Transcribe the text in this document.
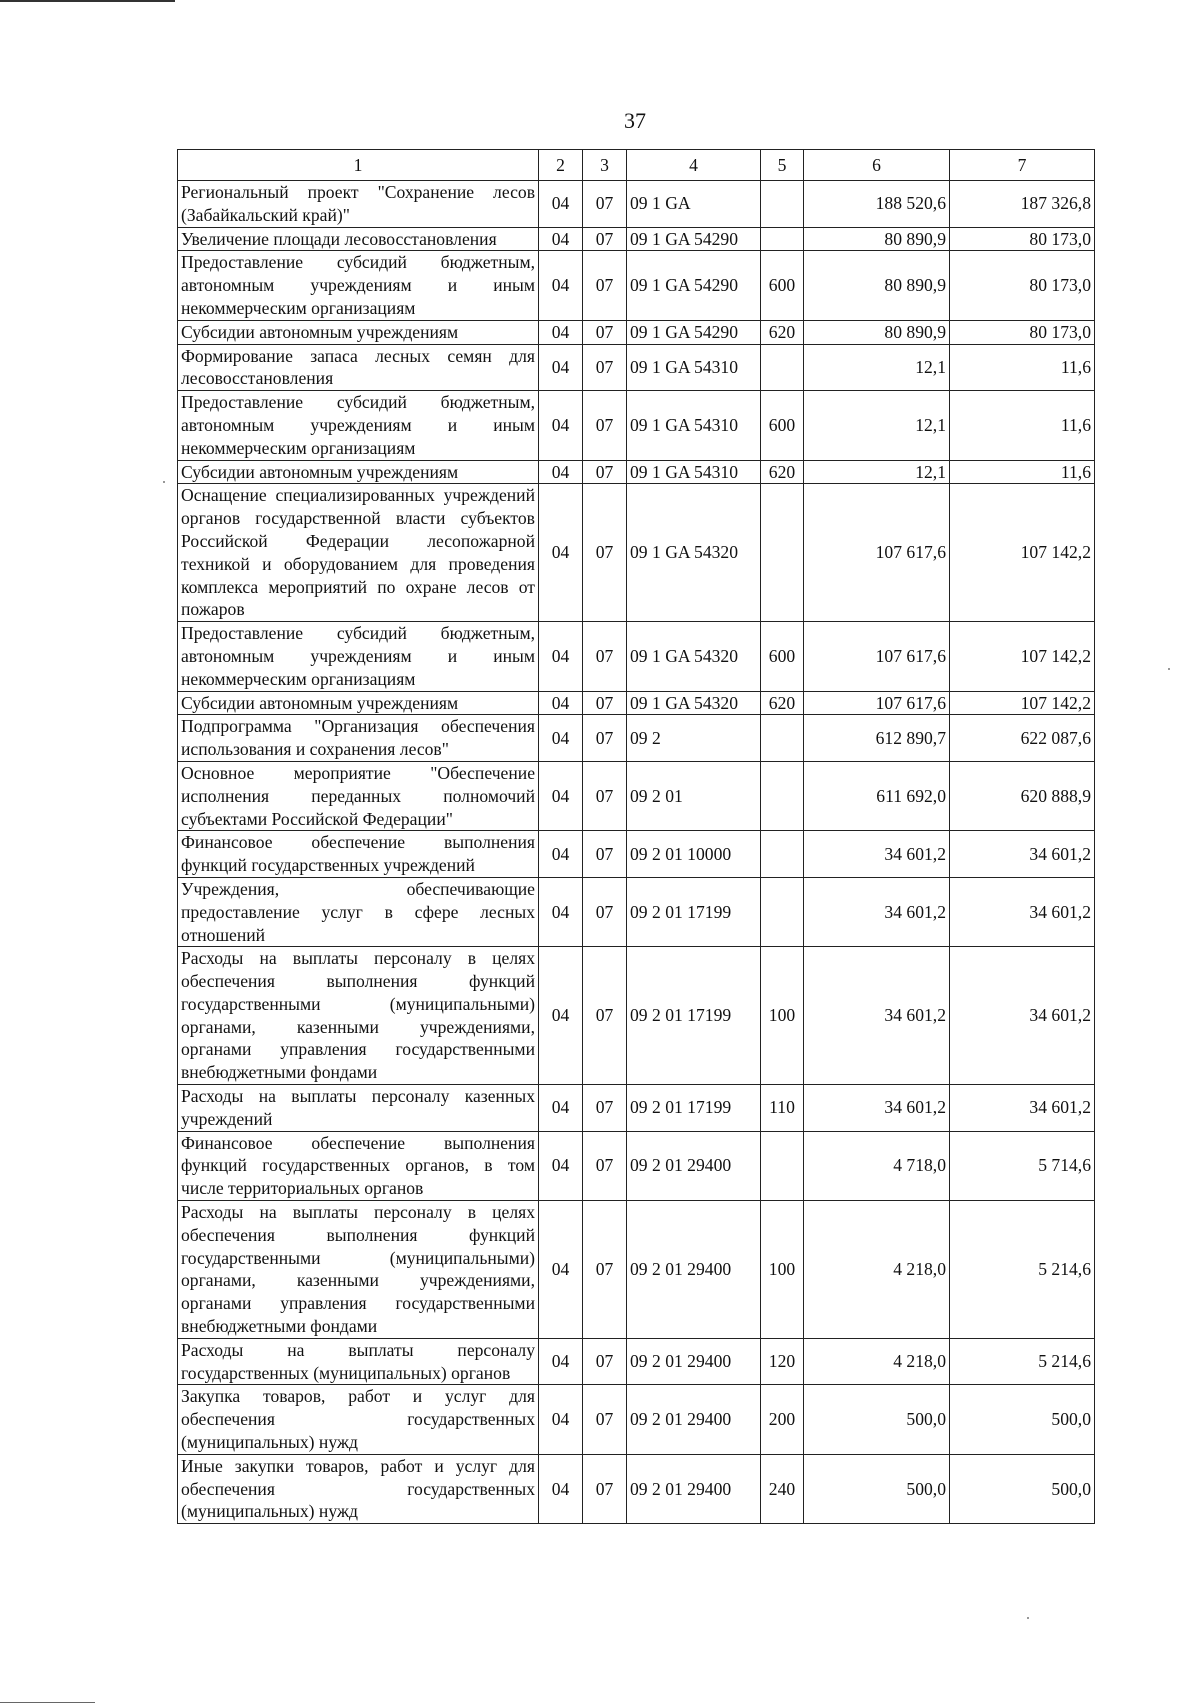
37
1	2	3	4	5	6	7
Региональный проект "Сохранение лесов (Забайкальский край)"	04	07	09 1 GA		188 520,6	187 326,8
Увеличение площади лесовосстановления	04	07	09 1 GA 54290		80 890,9	80 173,0
Предоставление субсидий бюджетным, автономным учреждениям и иным некоммерческим организациям	04	07	09 1 GA 54290	600	80 890,9	80 173,0
Субсидии автономным учреждениям	04	07	09 1 GA 54290	620	80 890,9	80 173,0
Формирование запаса лесных семян для лесовосстановления	04	07	09 1 GA 54310		12,1	11,6
Предоставление субсидий бюджетным, автономным учреждениям и иным некоммерческим организациям	04	07	09 1 GA 54310	600	12,1	11,6
Субсидии автономным учреждениям	04	07	09 1 GA 54310	620	12,1	11,6
Оснащение специализированных учреждений органов государственной власти субъектов Российской Федерации лесопожарной техникой и оборудованием для проведения комплекса мероприятий по охране лесов от пожаров	04	07	09 1 GA 54320		107 617,6	107 142,2
Предоставление субсидий бюджетным, автономным учреждениям и иным некоммерческим организациям	04	07	09 1 GA 54320	600	107 617,6	107 142,2
Субсидии автономным учреждениям	04	07	09 1 GA 54320	620	107 617,6	107 142,2
Подпрограмма "Организация обеспечения использования и сохранения лесов"	04	07	09 2		612 890,7	622 087,6
Основное мероприятие "Обеспечение исполнения переданных полномочий субъектами Российской Федерации"	04	07	09 2 01		611 692,0	620 888,9
Финансовое обеспечение выполнения функций государственных учреждений	04	07	09 2 01 10000		34 601,2	34 601,2
Учреждения, обеспечивающие предоставление услуг в сфере лесных отношений	04	07	09 2 01 17199		34 601,2	34 601,2
Расходы на выплаты персоналу в целях обеспечения выполнения функций государственными (муниципальными) органами, казенными учреждениями, органами управления государственными внебюджетными фондами	04	07	09 2 01 17199	100	34 601,2	34 601,2
Расходы на выплаты персоналу казенных учреждений	04	07	09 2 01 17199	110	34 601,2	34 601,2
Финансовое обеспечение выполнения функций государственных органов, в том числе территориальных органов	04	07	09 2 01 29400		4 718,0	5 714,6
Расходы на выплаты персоналу в целях обеспечения выполнения функций государственными (муниципальными) органами, казенными учреждениями, органами управления государственными внебюджетными фондами	04	07	09 2 01 29400	100	4 218,0	5 214,6
Расходы на выплаты персоналу государственных (муниципальных) органов	04	07	09 2 01 29400	120	4 218,0	5 214,6
Закупка товаров, работ и услуг для обеспечения государственных (муниципальных) нужд	04	07	09 2 01 29400	200	500,0	500,0
Иные закупки товаров, работ и услуг для обеспечения государственных (муниципальных) нужд	04	07	09 2 01 29400	240	500,0	500,0
